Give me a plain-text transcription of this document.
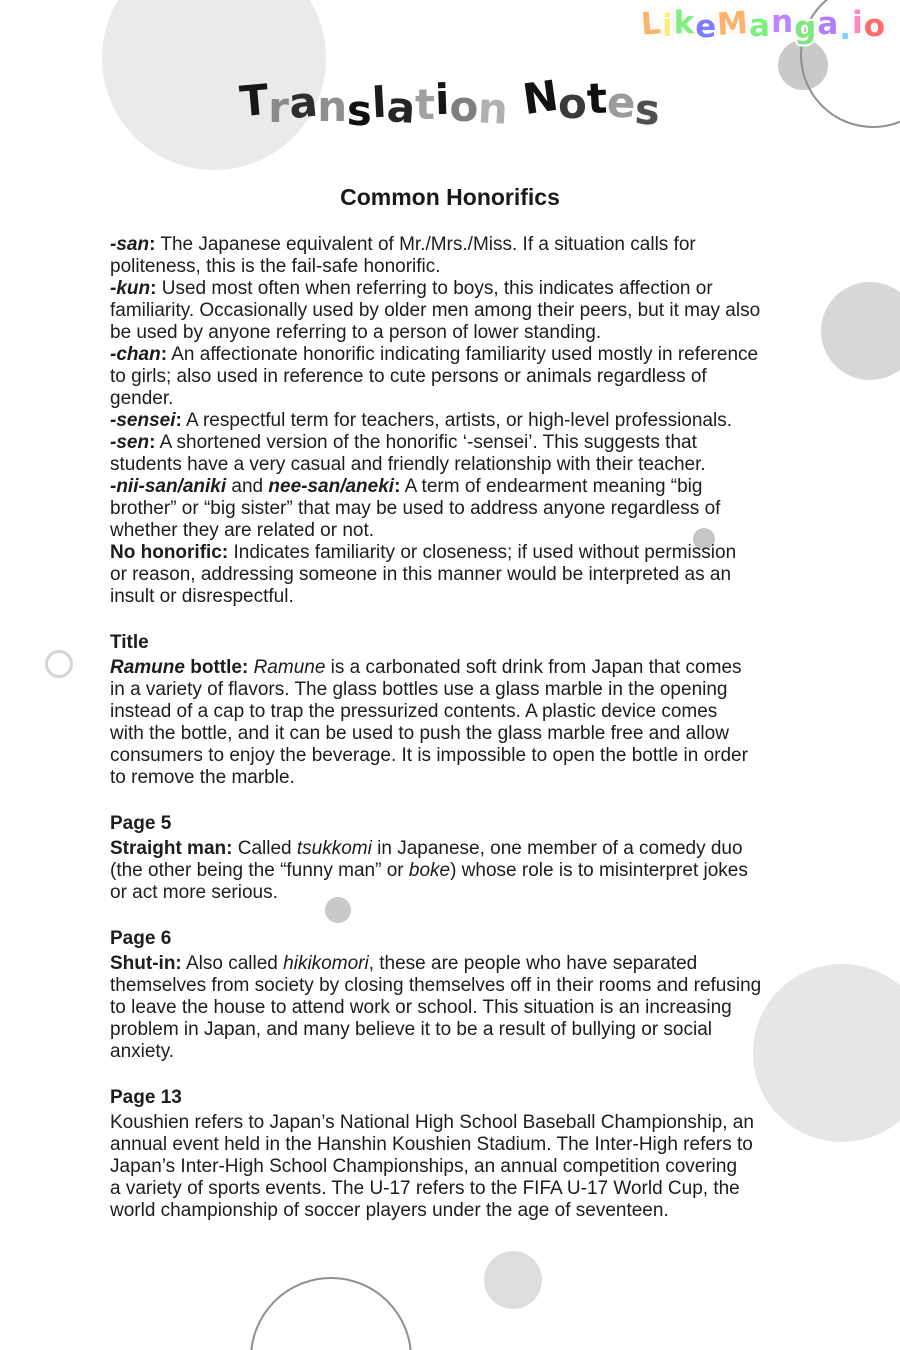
LikeManga.io
Translation Notes
Common Honorifics
-san: The Japanese equivalent of Mr./Mrs./Miss. If a situation calls for
politeness, this is the fail-safe honorific.
-kun: Used most often when referring to boys, this indicates affection or
familiarity. Occasionally used by older men among their peers, but it may also
be used by anyone referring to a person of lower standing.
-chan: An affectionate honorific indicating familiarity used mostly in reference
to girls; also used in reference to cute persons or animals regardless of
gender.
-sensei: A respectful term for teachers, artists, or high-level professionals.
-sen: A shortened version of the honorific ‘-sensei’. This suggests that
students have a very casual and friendly relationship with their teacher.
-nii-san/aniki and nee-san/aneki: A term of endearment meaning “big
brother” or “big sister” that may be used to address anyone regardless of
whether they are related or not.
No honorific: Indicates familiarity or closeness; if used without permission
or reason, addressing someone in this manner would be interpreted as an
insult or disrespectful.
Title
Ramune bottle: Ramune is a carbonated soft drink from Japan that comes
in a variety of flavors. The glass bottles use a glass marble in the opening
instead of a cap to trap the pressurized contents. A plastic device comes
with the bottle, and it can be used to push the glass marble free and allow
consumers to enjoy the beverage. It is impossible to open the bottle in order
to remove the marble.
Page 5
Straight man: Called tsukkomi in Japanese, one member of a comedy duo
(the other being the “funny man” or boke) whose role is to misinterpret jokes
or act more serious.
Page 6
Shut-in: Also called hikikomori, these are people who have separated
themselves from society by closing themselves off in their rooms and refusing
to leave the house to attend work or school. This situation is an increasing
problem in Japan, and many believe it to be a result of bullying or social
anxiety.
Page 13
Koushien refers to Japan’s National High School Baseball Championship, an
annual event held in the Hanshin Koushien Stadium. The Inter-High refers to
Japan’s Inter-High School Championships, an annual competition covering
a variety of sports events. The U-17 refers to the FIFA U-17 World Cup, the
world championship of soccer players under the age of seventeen.
